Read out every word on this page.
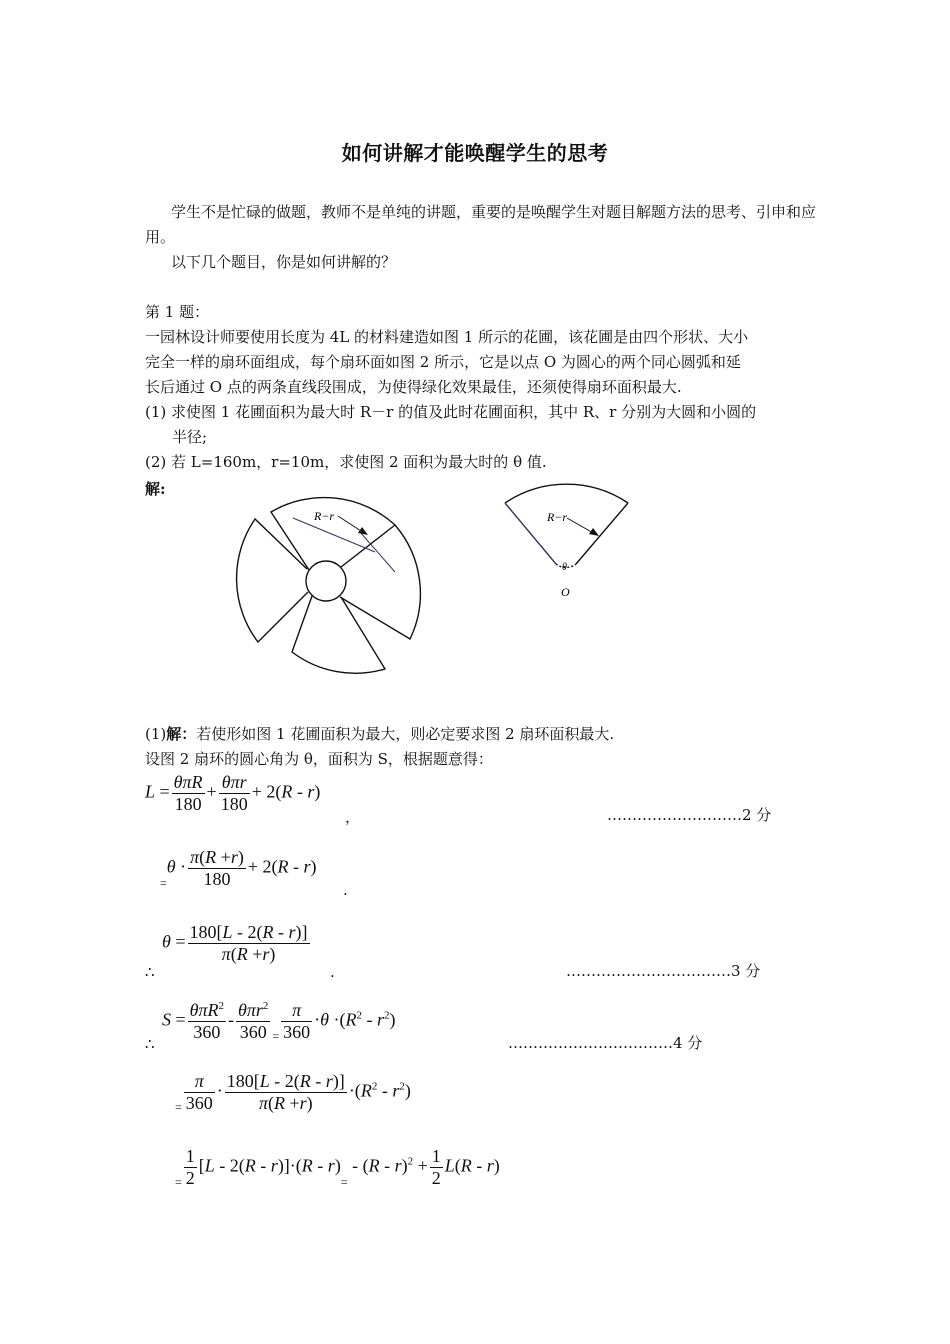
如何讲解才能唤醒学生的思考
学生不是忙碌的做题，教师不是单纯的讲题，重要的是唤醒学生对题目解题方法的思考、引申和应用。
以下几个题目，你是如何讲解的？
第 1 题：
一园林设计师要使用长度为 4L 的材料建造如图 1 所示的花圃，该花圃是由四个形状、大小
完全一样的扇环面组成，每个扇环面如图 2 所示，它是以点 O 为圆心的两个同心圆弧和延
长后通过 O 点的两条直线段围成，为使得绿化效果最佳，还须使得扇环面积最大.
(1) 求使图 1 花圃面积为最大时 R－r 的值及此时花圃面积，其中 R、r 分别为大圆和小圆的
半径;
(2) 若 L=160m，r=10m，求使图 2 面积为最大时的 θ 值.
解:
R−r	R−r
θ
O
(1)解：若使形如图 1 花圃面积为最大，则必定要求图 2 扇环面积最大.
设图 2 扇环的圆心角为 θ，面积为 S，根据题意得：
$L = \frac{\text{θπR}}{180} + \frac{\text{θπr}}{180} + 2(R - r)$
，	………………………2 分
$_=\theta \cdot \frac{\pi(R +r)}{180} + 2(R - r)$
.
∴
$\theta = \frac{180[L - 2(R - r)]}{\pi(R +r)}$
.	……………………………3 分
∴
$S = \frac{\theta\pi R^2}{360} - \frac{\theta\pi r^2}{360} _= \frac{\pi}{360} \cdot\theta \cdot(R^2 - r^2)$
……………………………4 分
$_= \frac{\pi}{360} \cdot \frac{180[L - 2(R - r)]}{\pi(R +r)} \cdot(R^2 - r^2)$
$_= \frac{1}{2} [L - 2(R - r)]\cdot(R - r)_= - (R - r)^2 + \frac{1}{2} L(R - r)$
